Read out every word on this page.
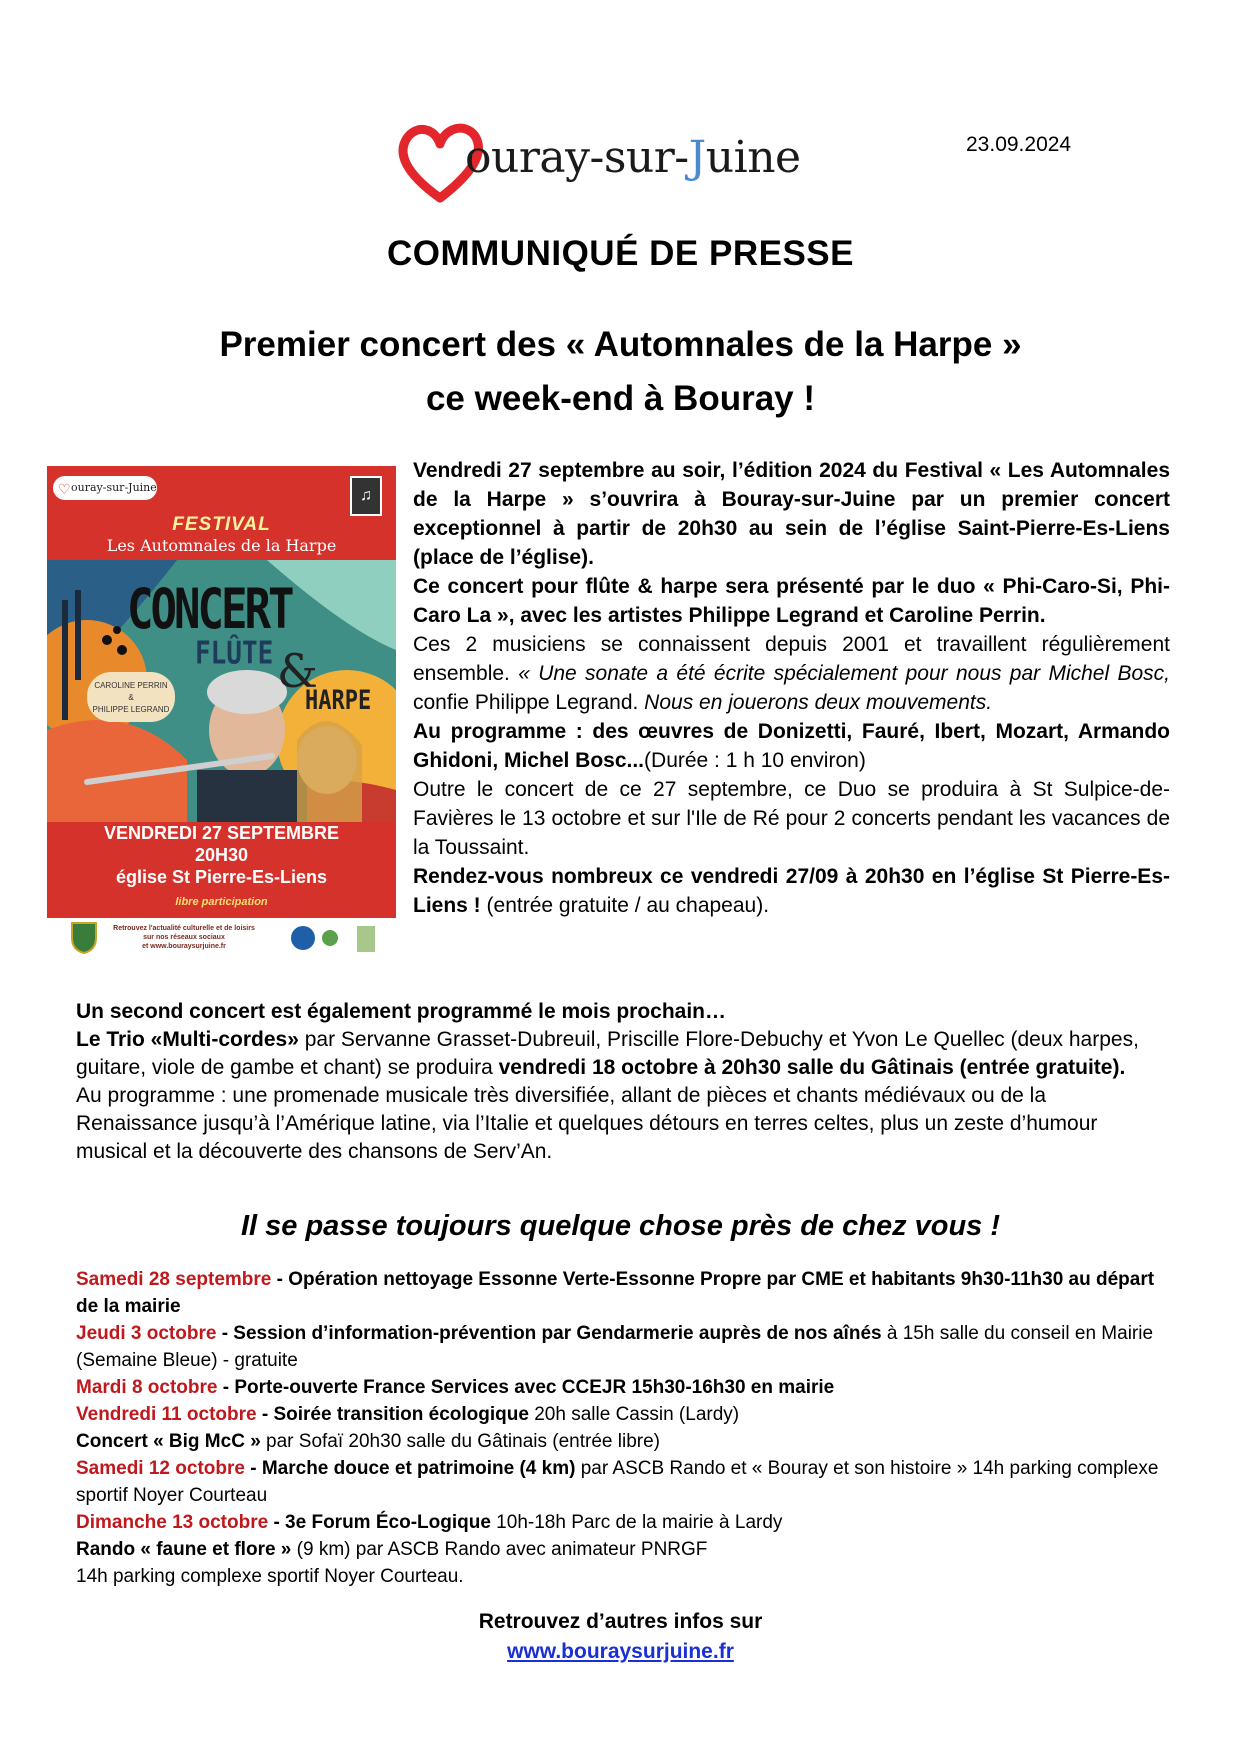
ouray-sur-Juine	23.09.2024
COMMUNIQUÉ DE PRESSE
Premier concert des « Automnales de la Harpe »
ce week-end à Bouray !
♡ ouray-sur-Juine	♫
FESTIVAL
Les Automnales de la Harpe
CONCERT
FLÛTE &
HARPE
CAROLINE PERRIN
&
PHILIPPE LEGRAND
VENDREDI 27 SEPTEMBRE
20H30
église St Pierre-Es-Liens
libre participation
Retrouvez l'actualité culturelle et de loisirs
sur nos réseaux sociaux
et www.bouraysurjuine.fr

Vendredi 27 septembre au soir, l’édition 2024 du Festival « Les Automnales de la Harpe » s’ouvrira à Bouray-sur-Juine par un premier concert exceptionnel à partir de 20h30 au sein de l’église Saint-Pierre-Es-Liens (place de l’église).

Ce concert pour flûte & harpe sera présenté par le duo « Phi-Caro-Si, Phi-Caro La », avec les artistes Philippe Legrand et Caroline Perrin.

Ces 2 musiciens se connaissent depuis 2001 et travaillent régulièrement ensemble. « Une sonate a été écrite spécialement pour nous par Michel Bosc, confie Philippe Legrand. Nous en jouerons deux mouvements.

Au programme : des œuvres de Donizetti, Fauré, Ibert, Mozart, Armando Ghidoni, Michel Bosc...(Durée : 1 h 10 environ)

Outre le concert de ce 27 septembre, ce Duo se produira à St Sulpice-de-Favières le 13 octobre et sur l'Ile de Ré pour 2 concerts pendant les vacances de la Toussaint.

Rendez-vous nombreux ce vendredi 27/09 à 20h30 en l’église St Pierre-Es-Liens ! (entrée gratuite / au chapeau).

Un second concert est également programmé le mois prochain…

Le Trio «Multi-cordes» par Servanne Grasset-Dubreuil, Priscille Flore-Debuchy et Yvon Le Quellec (deux harpes, guitare, viole de gambe et chant) se produira vendredi 18 octobre à 20h30 salle du Gâtinais (entrée gratuite).

Au programme : une promenade musicale très diversifiée, allant de pièces et chants médiévaux ou de la Renaissance jusqu’à l’Amérique latine, via l’Italie et quelques détours en terres celtes, plus un zeste d’humour musical et la découverte des chansons de Serv’An.

Il se passe toujours quelque chose près de chez vous !
Samedi 28 septembre - Opération nettoyage Essonne Verte-Essonne Propre par CME et habitants 9h30-11h30 au départ de la mairie
Jeudi 3 octobre - Session d’information-prévention par Gendarmerie auprès de nos aînés à 15h salle du conseil en Mairie (Semaine Bleue) - gratuite
Mardi 8 octobre - Porte-ouverte France Services avec CCEJR 15h30-16h30 en mairie
Vendredi 11 octobre - Soirée transition écologique 20h salle Cassin (Lardy)
Concert « Big McC » par Sofaï 20h30 salle du Gâtinais (entrée libre)
Samedi 12 octobre - Marche douce et patrimoine (4 km) par ASCB Rando et « Bouray et son histoire » 14h parking complexe sportif Noyer Courteau
Dimanche 13 octobre - 3e Forum Éco-Logique 10h-18h Parc de la mairie à Lardy
Rando « faune et flore » (9 km) par ASCB Rando avec animateur PNRGF
14h parking complexe sportif Noyer Courteau.
Retrouvez d’autres infos sur
www.bouraysurjuine.fr
